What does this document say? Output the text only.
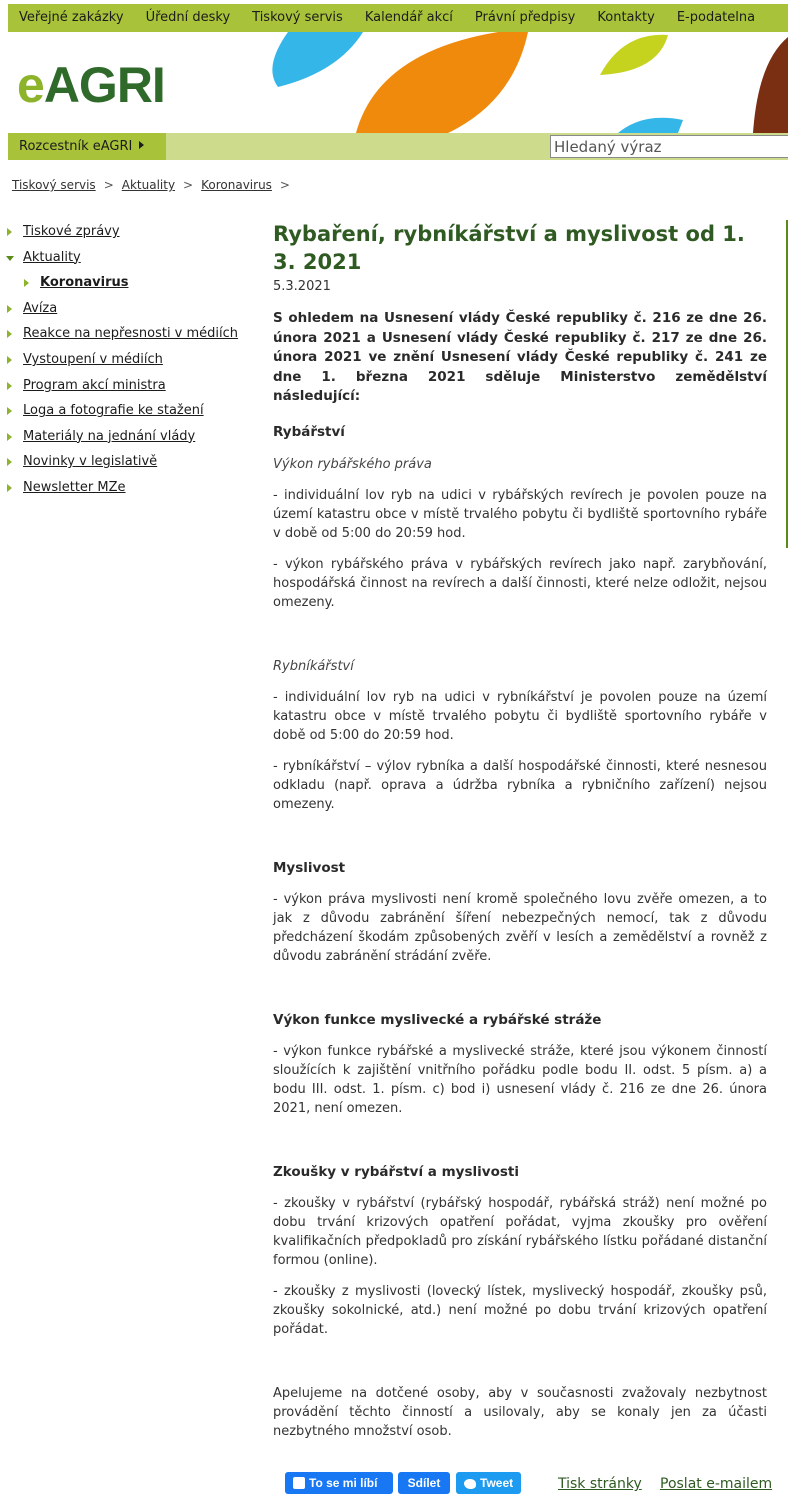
Veřejné zakázky	Úřední desky	Tiskový servis	Kalendář akcí	Právní předpisy	Kontakty	E-podatelna
eAGRI
Rozcestník eAGRI
Hledaný výraz
Tiskový servis > Aktuality > Koronavirus >
Tiskové zprávy
Aktuality
Koronavirus
Avíza
Reakce na nepřesnosti v médiích
Vystoupení v médiích
Program akcí ministra
Loga a fotografie ke stažení
Materiály na jednání vlády
Novinky v legislativě
Newsletter MZe
Rybaření, rybníkářství a myslivost od 1. 3. 2021
5.3.2021

S ohledem na Usnesení vlády České republiky č. 216 ze dne 26. února 2021 a Usnesení vlády České republiky č. 217 ze dne 26. února 2021 ve znění Usnesení vlády České republiky č. 241 ze dne 1. března 2021 sděluje Ministerstvo zemědělství následující:

Rybářství
Výkon rybářského práva

- individuální lov ryb na udici v rybářských revírech je povolen pouze na území katastru obce v místě trvalého pobytu či bydliště sportovního rybáře v době od 5:00 do 20:59 hod.

- výkon rybářského práva v rybářských revírech jako např. zarybňování, hospodářská činnost na revírech a další činnosti, které nelze odložit, nejsou omezeny.

Rybníkářství

- individuální lov ryb na udici v rybníkářství je povolen pouze na území katastru obce v místě trvalého pobytu či bydliště sportovního rybáře v době od 5:00 do 20:59 hod.

- rybníkářství – výlov rybníka a další hospodářské činnosti, které nesnesou odkladu (např. oprava a údržba rybníka a rybničního zařízení) nejsou omezeny.

Myslivost

- výkon práva myslivosti není kromě společného lovu zvěře omezen, a to jak z důvodu zabránění šíření nebezpečných nemocí, tak z důvodu předcházení škodám způsobených zvěří v lesích a zemědělství a rovněž z důvodu zabránění strádání zvěře.

Výkon funkce myslivecké a rybářské stráže

- výkon funkce rybářské a myslivecké stráže, které jsou výkonem činností sloužících k zajištění vnitřního pořádku podle bodu II. odst. 5 písm. a) a bodu III. odst. 1. písm. c) bod i) usnesení vlády č. 216 ze dne 26. února 2021, není omezen.

Zkoušky v rybářství a myslivosti

- zkoušky v rybářství (rybářský hospodář, rybářská stráž) není možné po dobu trvání krizových opatření pořádat, vyjma zkoušky pro ověření kvalifikačních předpokladů pro získání rybářského lístku pořádané distanční formou (online).

- zkoušky z myslivosti (lovecký lístek, myslivecký hospodář, zkoušky psů, zkoušky sokolnické, atd.) není možné po dobu trvání krizových opatření pořádat.

Apelujeme na dotčené osoby, aby v současnosti zvažovaly nezbytnost provádění těchto činností a usilovaly, aby se konaly jen za účasti nezbytného množství osob.

To se mi líbí	Sdílet	Tweet	Tisk stránky Poslat e-mailem
